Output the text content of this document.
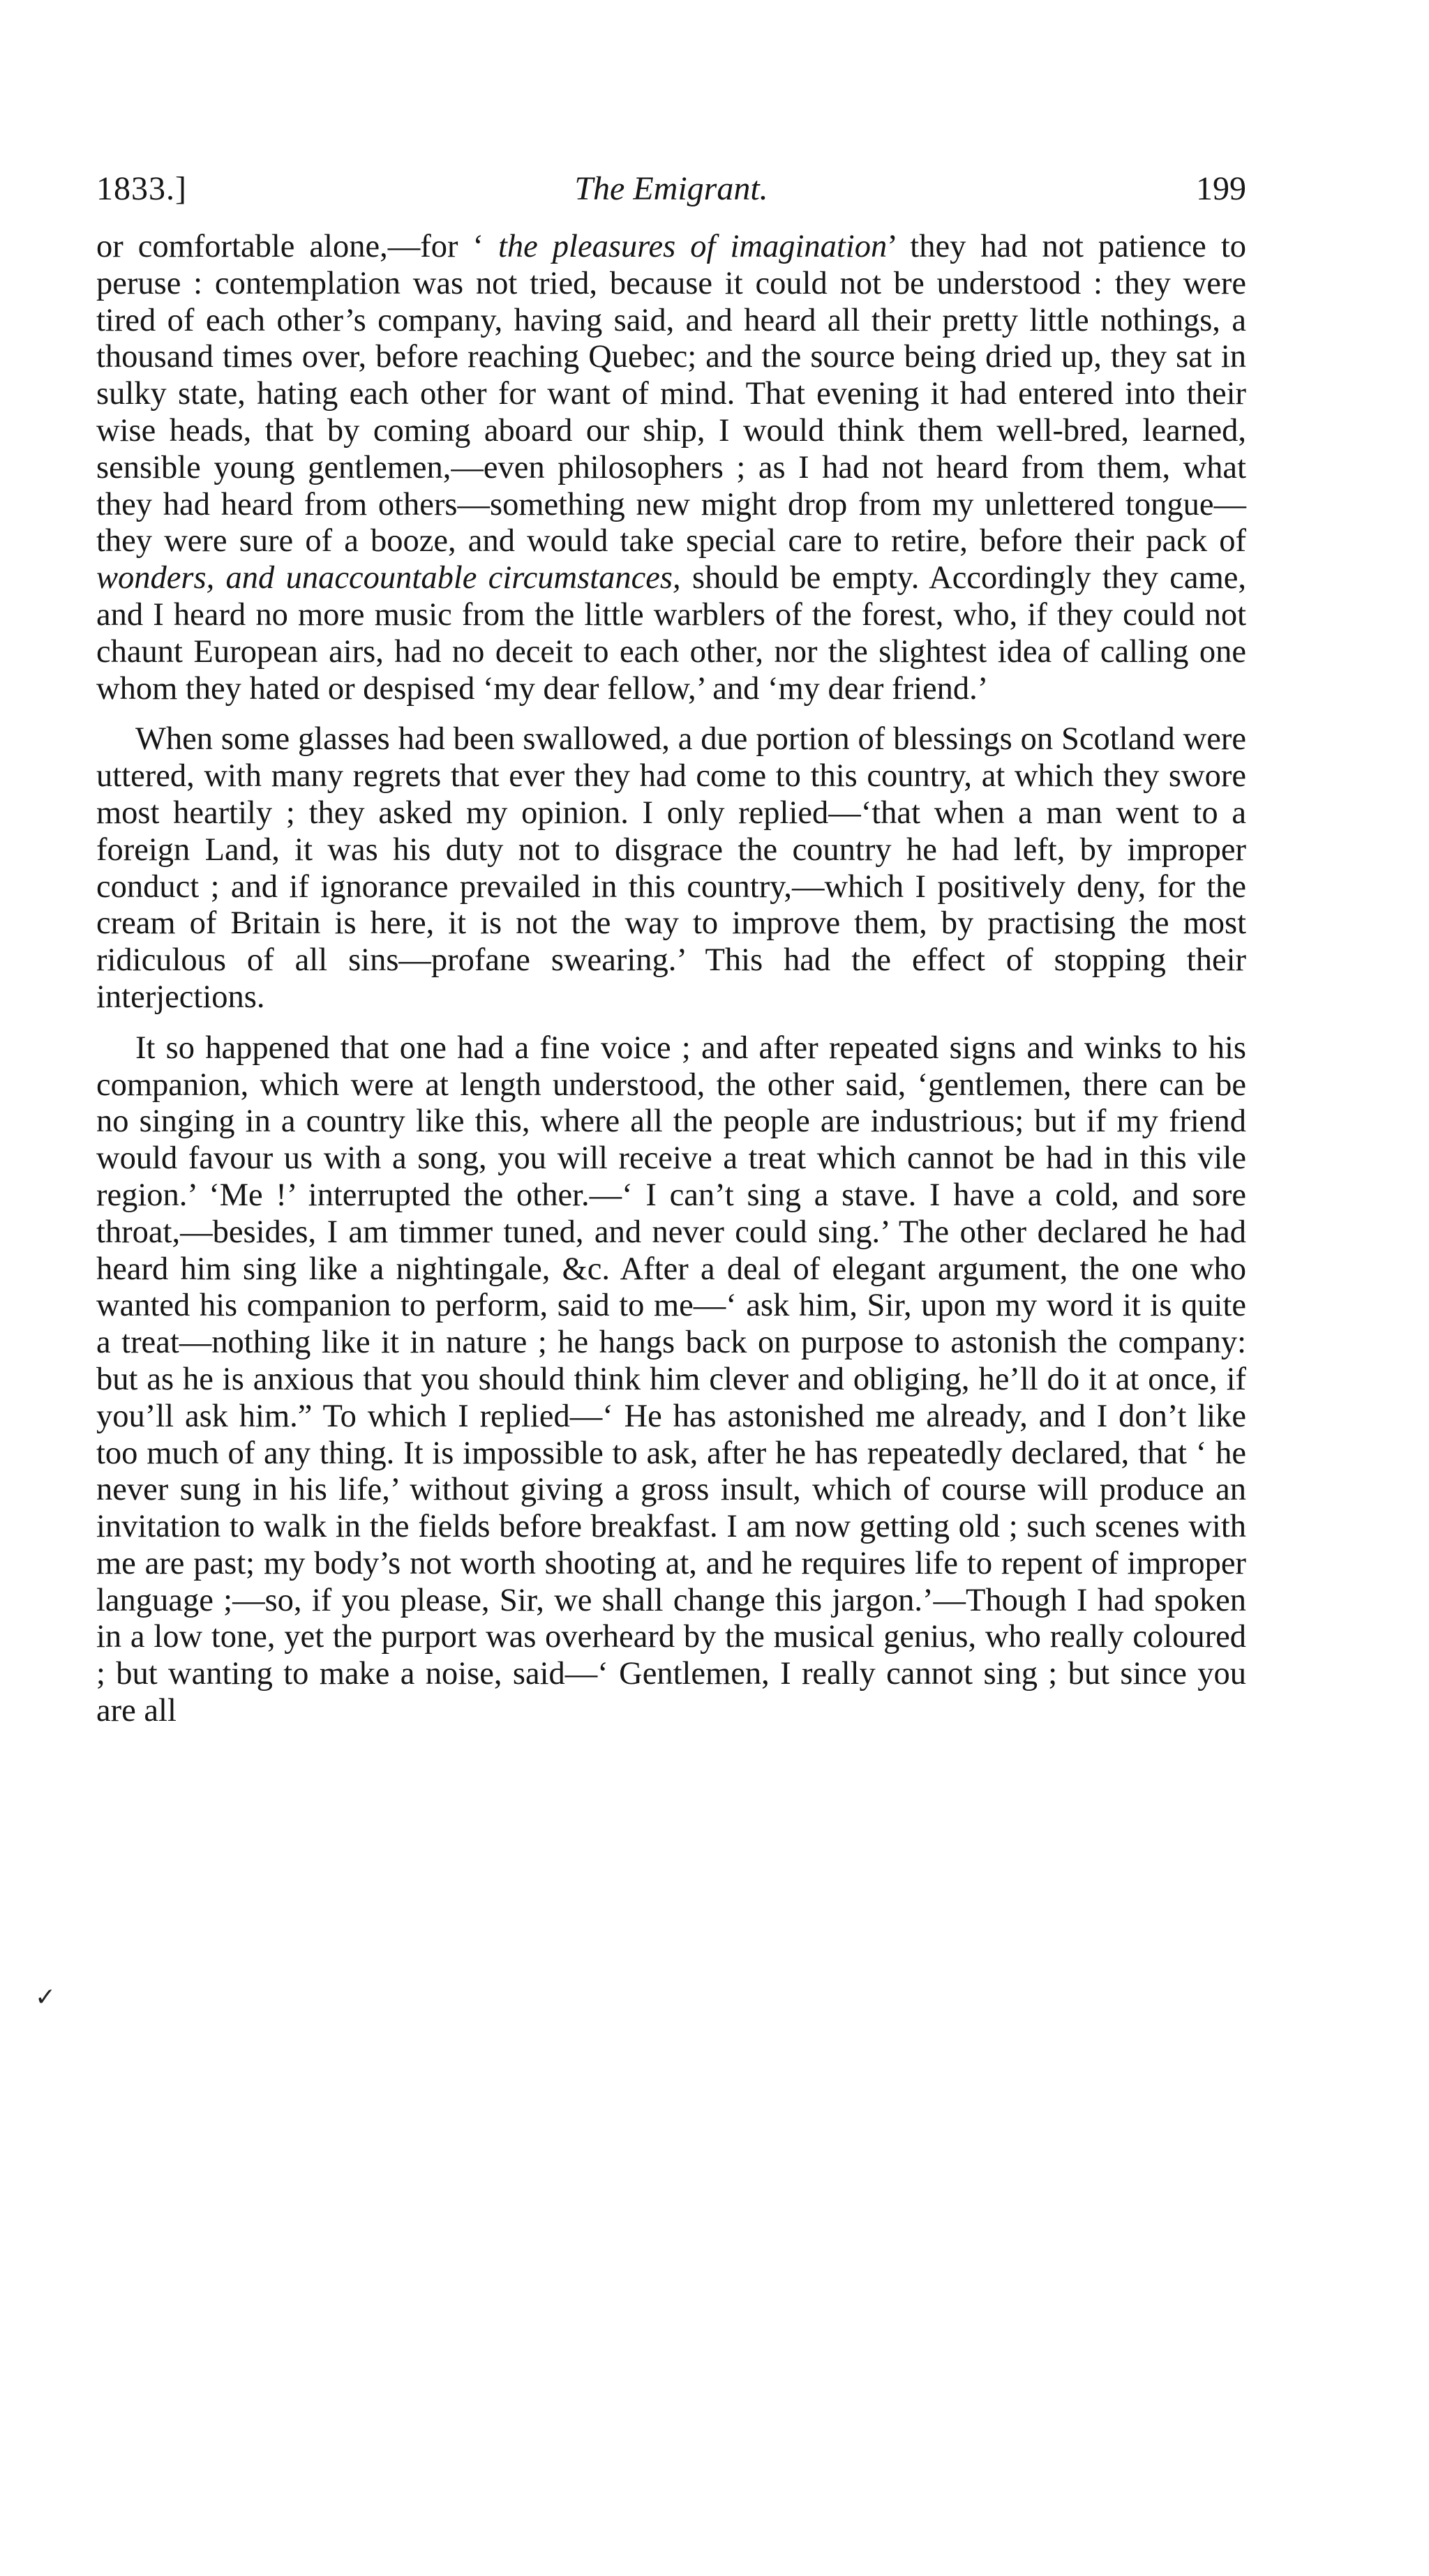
1833.]	The Emigrant.	199

or comfortable alone,—for ‘ the pleasures of imagination’ they had not patience to peruse : contemplation was not tried, because it could not be understood : they were tired of each other’s company, having said, and heard all their pretty little nothings, a thousand times over, before reaching Quebec; and the source being dried up, they sat in sulky state, hating each other for want of mind. That evening it had entered into their wise heads, that by coming aboard our ship, I would think them well-bred, learned, sensible young gentlemen,—even philosophers ; as I had not heard from them, what they had heard from others—something new might drop from my unlettered tongue—they were sure of a booze, and would take special care to retire, before their pack of wonders, and unaccountable circumstances, should be empty. Accordingly they came, and I heard no more music from the little warblers of the forest, who, if they could not chaunt European airs, had no deceit to each other, nor the slightest idea of calling one whom they hated or despised ‘my dear fellow,’ and ‘my dear friend.’

When some glasses had been swallowed, a due portion of blessings on Scotland were uttered, with many regrets that ever they had come to this country, at which they swore most heartily ; they asked my opinion. I only replied—‘that when a man went to a foreign Land, it was his duty not to disgrace the country he had left, by improper conduct ; and if ignorance prevailed in this country,—which I positively deny, for the cream of Britain is here, it is not the way to improve them, by practising the most ridiculous of all sins—profane swearing.’ This had the effect of stopping their interjections.

It so happened that one had a fine voice ; and after repeated signs and winks to his companion, which were at length understood, the other said, ‘gentlemen, there can be no singing in a country like this, where all the people are industrious; but if my friend would favour us with a song, you will receive a treat which cannot be had in this vile region.’ ‘Me !’ interrupted the other.—‘ I can’t sing a stave. I have a cold, and sore throat,—besides, I am timmer tuned, and never could sing.’ The other declared he had heard him sing like a nightingale, &c. After a deal of elegant argument, the one who wanted his companion to perform, said to me—‘ ask him, Sir, upon my word it is quite a treat—nothing like it in nature ; he hangs back on purpose to astonish the company: but as he is anxious that you should think him clever and obliging, he’ll do it at once, if you’ll ask him.” To which I replied—‘ He has astonished me already, and I don’t like too much of any thing. It is impossible to ask, after he has repeatedly declared, that ‘ he never sung in his life,’ without giving a gross insult, which of course will produce an invitation to walk in the fields before breakfast. I am now getting old ; such scenes with me are past; my body’s not worth shooting at, and he requires life to repent of improper language ;—so, if you please, Sir, we shall change this jargon.’—Though I had spoken in a low tone, yet the purport was overheard by the musical genius, who really coloured ; but wanting to make a noise, said—‘ Gentlemen, I really cannot sing ; but since you are all

✓
